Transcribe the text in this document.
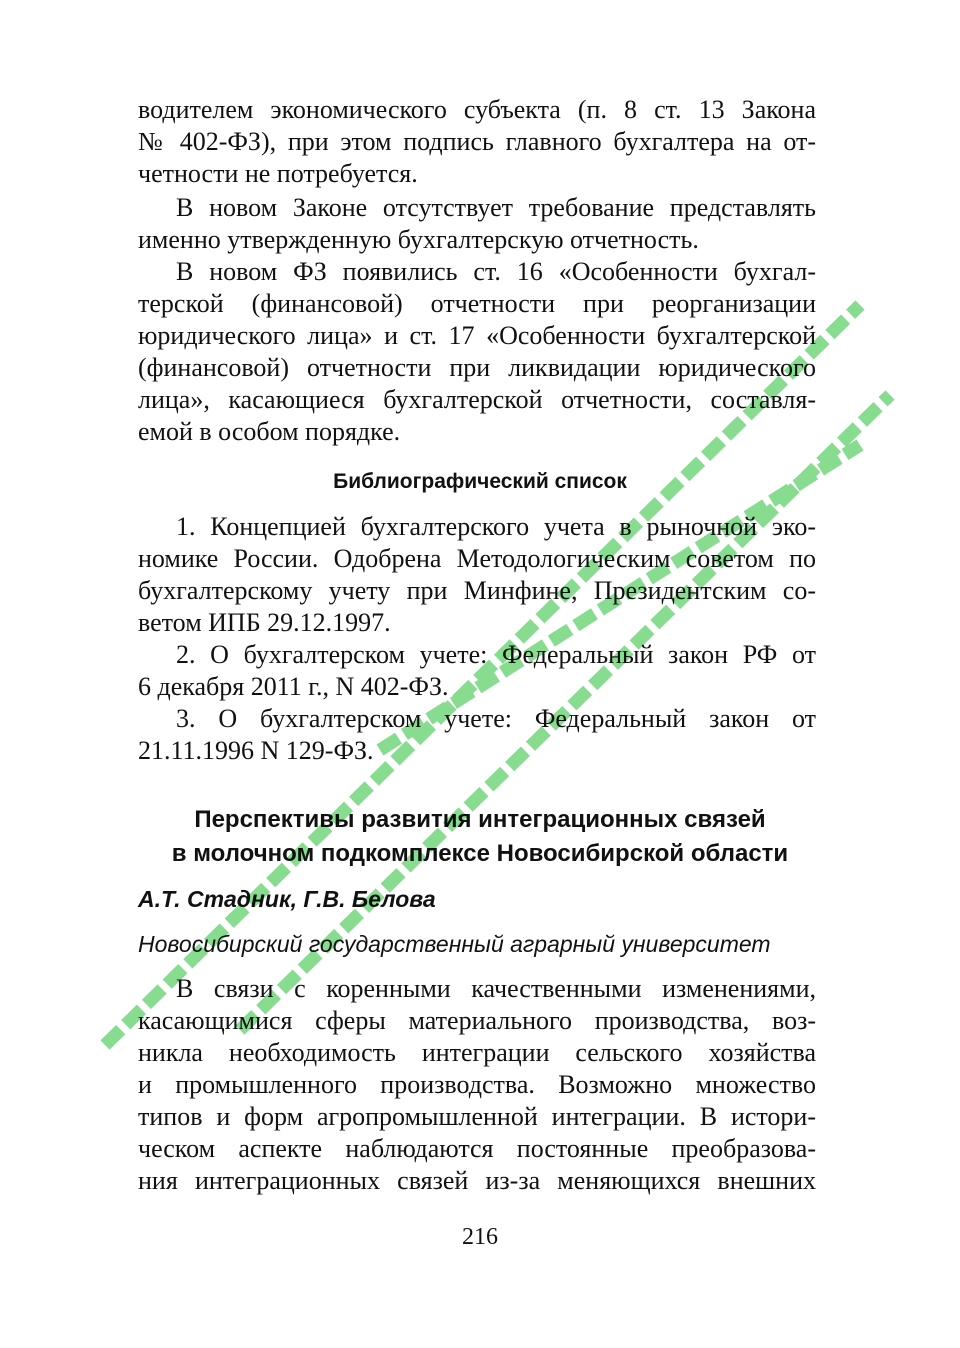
водителем экономического субъекта (п. 8 ст. 13 Закона
№ 402-ФЗ), при этом подпись главного бухгалтера на от-
четности не потребуется.
В новом Законе отсутствует требование представлять
именно утвержденную бухгалтерскую отчетность.
В новом ФЗ появились ст. 16 «Особенности бухгал-
терской (финансовой) отчетности при реорганизации
юридического лица» и ст. 17 «Особенности бухгалтерской
(финансовой) отчетности при ликвидации юридического
лица», касающиеся бухгалтерской отчетности, составля-
емой в особом порядке.
Библиографический список
1. Концепцией бухгалтерского учета в рыночной эко-
номике России. Одобрена Методологическим советом по
бухгалтерскому учету при Минфине, Президентским со-
ветом ИПБ 29.12.1997.
2. О бухгалтерском учете: Федеральный закон РФ от
6 декабря 2011 г., N 402-ФЗ.
3. О бухгалтерском учете: Федеральный закон от
21.11.1996 N 129-ФЗ.
Перспективы развития интеграционных связей
в молочном подкомплексе Новосибирской области
А.Т. Стадник, Г.В. Белова
Новосибирский государственный аграрный университет
В связи с коренными качественными изменениями,
касающимися сферы материального производства, воз-
никла необходимость интеграции сельского хозяйства
и промышленного производства. Возможно множество
типов и форм агропромышленной интеграции. В истори-
ческом аспекте наблюдаются постоянные преобразова-
ния интеграционных связей из-за меняющихся внешних
216
